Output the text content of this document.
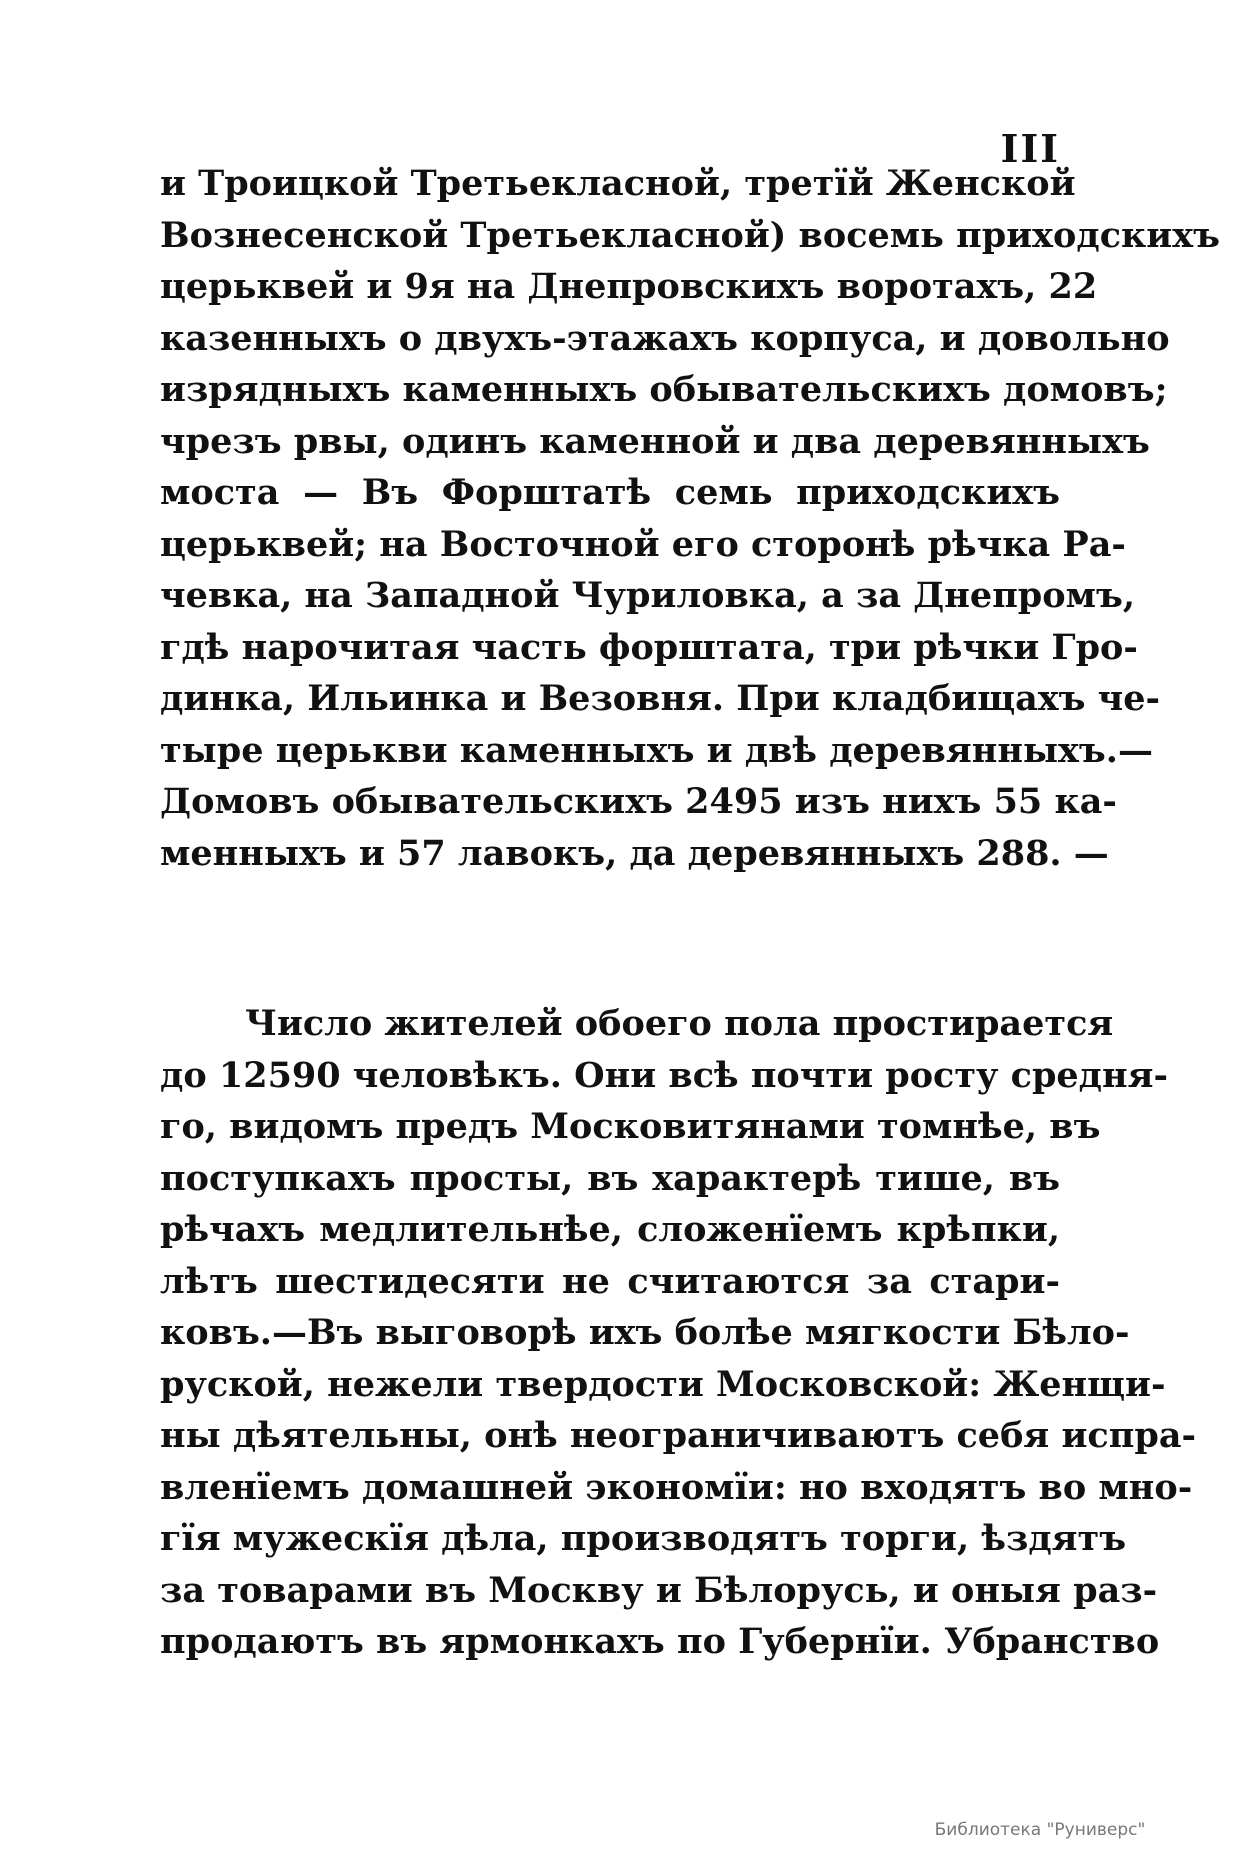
III
и Троицкой Третьекласной, третїй Женской
Вознесенской Третьекласной) восемь приходскихъ
церьквей и 9я на Днепровскихъ воротахъ, 22
казенныхъ о двухъ-этажахъ корпуса, и довольно
изрядныхъ каменныхъ обывательскихъ домовъ;
чрезъ рвы, одинъ каменной и два деревянныхъ
моста — Въ Форштатѣ семь приходскихъ
церьквей; на Восточной его сторонѣ рѣчка Ра-
чевка, на Западной Чуриловка, а за Днепромъ,
гдѣ нарочитая часть форштата, три рѣчки Гро-
динка, Ильинка и Везовня. При кладбищахъ че-
тыре церькви каменныхъ и двѣ деревянныхъ.—
Домовъ обывательскихъ 2495 изъ нихъ 55 ка-
менныхъ и 57 лавокъ, да деревянныхъ 288. —
Число жителей обоего пола простирается
до 12590 человѣкъ. Они всѣ почти росту средня-
го, видомъ предъ Московитянами томнѣе, въ
поступкахъ просты, въ характерѣ тише, въ
рѣчахъ медлительнѣе, сложенїемъ крѣпки,
лѣтъ шестидесяти не считаются за стари-
ковъ.—Въ выговорѣ ихъ болѣе мягкости Бѣло-
руской, нежели твердости Московской: Женщи-
ны дѣятельны, онѣ неограничиваютъ себя испра-
вленїемъ домашней экономїи: но входятъ во мно-
гїя мужескїя дѣла, производятъ торги, ѣздятъ
за товарами въ Москву и Бѣлорусь, и оныя раз-
продаютъ въ ярмонкахъ по Губернїи. Убранство
Библиотека "Руниверс"
